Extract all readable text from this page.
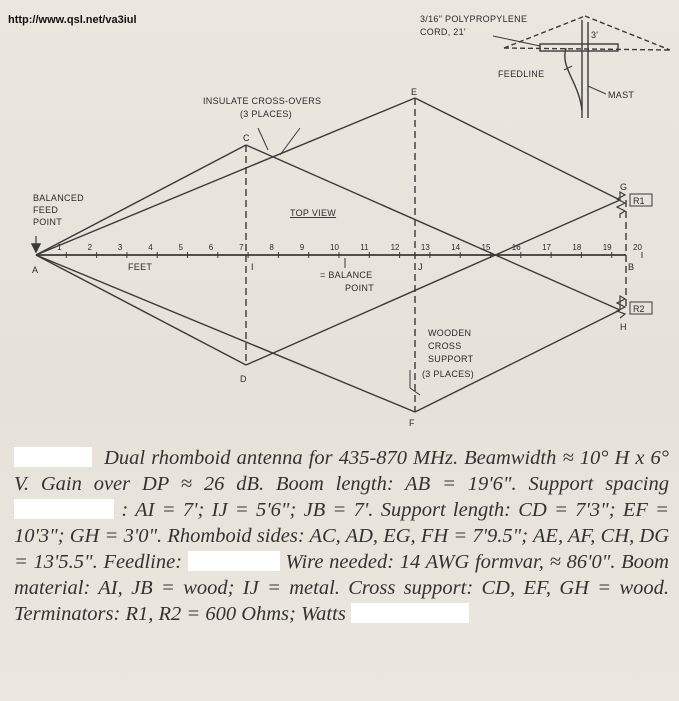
http://www.qsl.net/va3iul
1	2	3	4	5	6	7	8	9	10	11	12	13	14	15	16	17	18	19	20
3/16" POLYPROPYLENE
CORD, 21'
FEEDLINE
MAST
3'
INSULATE CROSS-OVERS
(3 PLACES)
BALANCED
FEED
POINT
TOP VIEW
FEET
= BALANCE
POINT
WOODEN
CROSS
SUPPORT
(3 PLACES)
R1
R2
A	B
C
D
E
F
G
H
I	J
Dual rhomboid antenna for 435-870 MHz. Beamwidth ≈ 10° H x 6° V. Gain over DP ≈ 26 dB. Boom length: AB = 19'6". Support spacing  : AI = 7'; IJ = 5'6"; JB = 7'. Support length: CD = 7'3"; EF = 10'3"; GH = 3'0". Rhomboid sides: AC, AD, EG, FH = 7'9.5"; AE, AF, CH, DG = 13'5.5". Feedline:	Wire needed: 14 AWG formvar, ≈ 86'0". Boom material: AI, JB = wood; IJ = metal. Cross support: CD, EF, GH = wood. Terminators: R1, R2 = 600 Ohms; Watts
